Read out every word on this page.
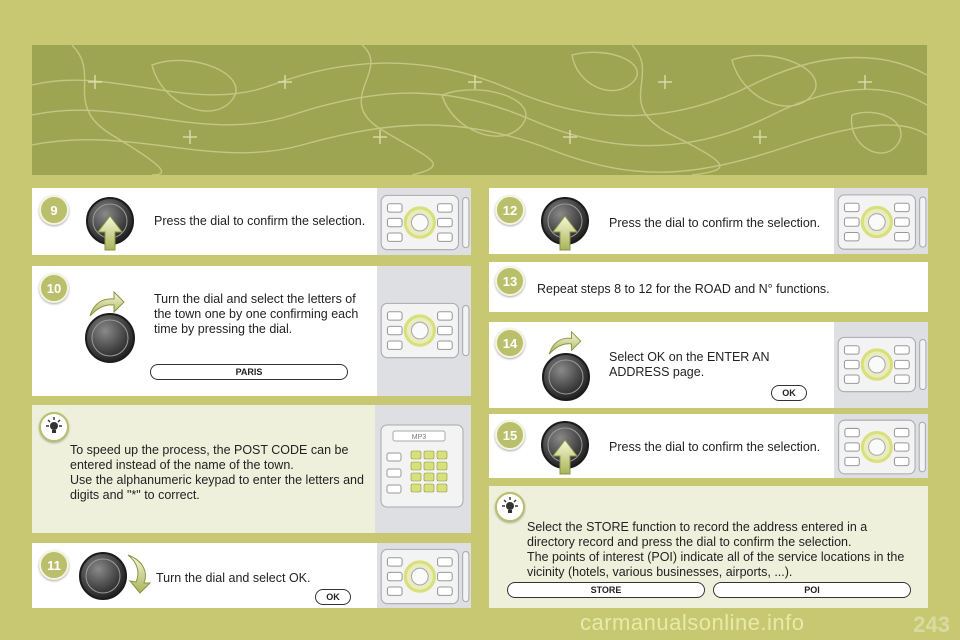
Press the dial to confirm the selection.
9
Turn the dial and select the letters of the town one by one confirming each time by pressing the dial.
PARIS
10
To speed up the process, the POST CODE can be entered instead of the name of the town.
Use the alphanumeric keypad to enter the letters and digits and "*" to correct.
MP3
Turn the dial and select OK.
OK
11
Press the dial to confirm the selection.
12
Repeat steps 8 to 12 for the ROAD and N° functions.
13
Select OK on the ENTER AN ADDRESS page.
OK
14
Press the dial to confirm the selection.
15
Select the STORE function to record the address entered in a directory record and press the dial to confirm the selection.
The points of interest (POI) indicate all of the service locations in the vicinity (hotels, various businesses, airports, ...).
STORE	POI
carmanualsonline.info	243
